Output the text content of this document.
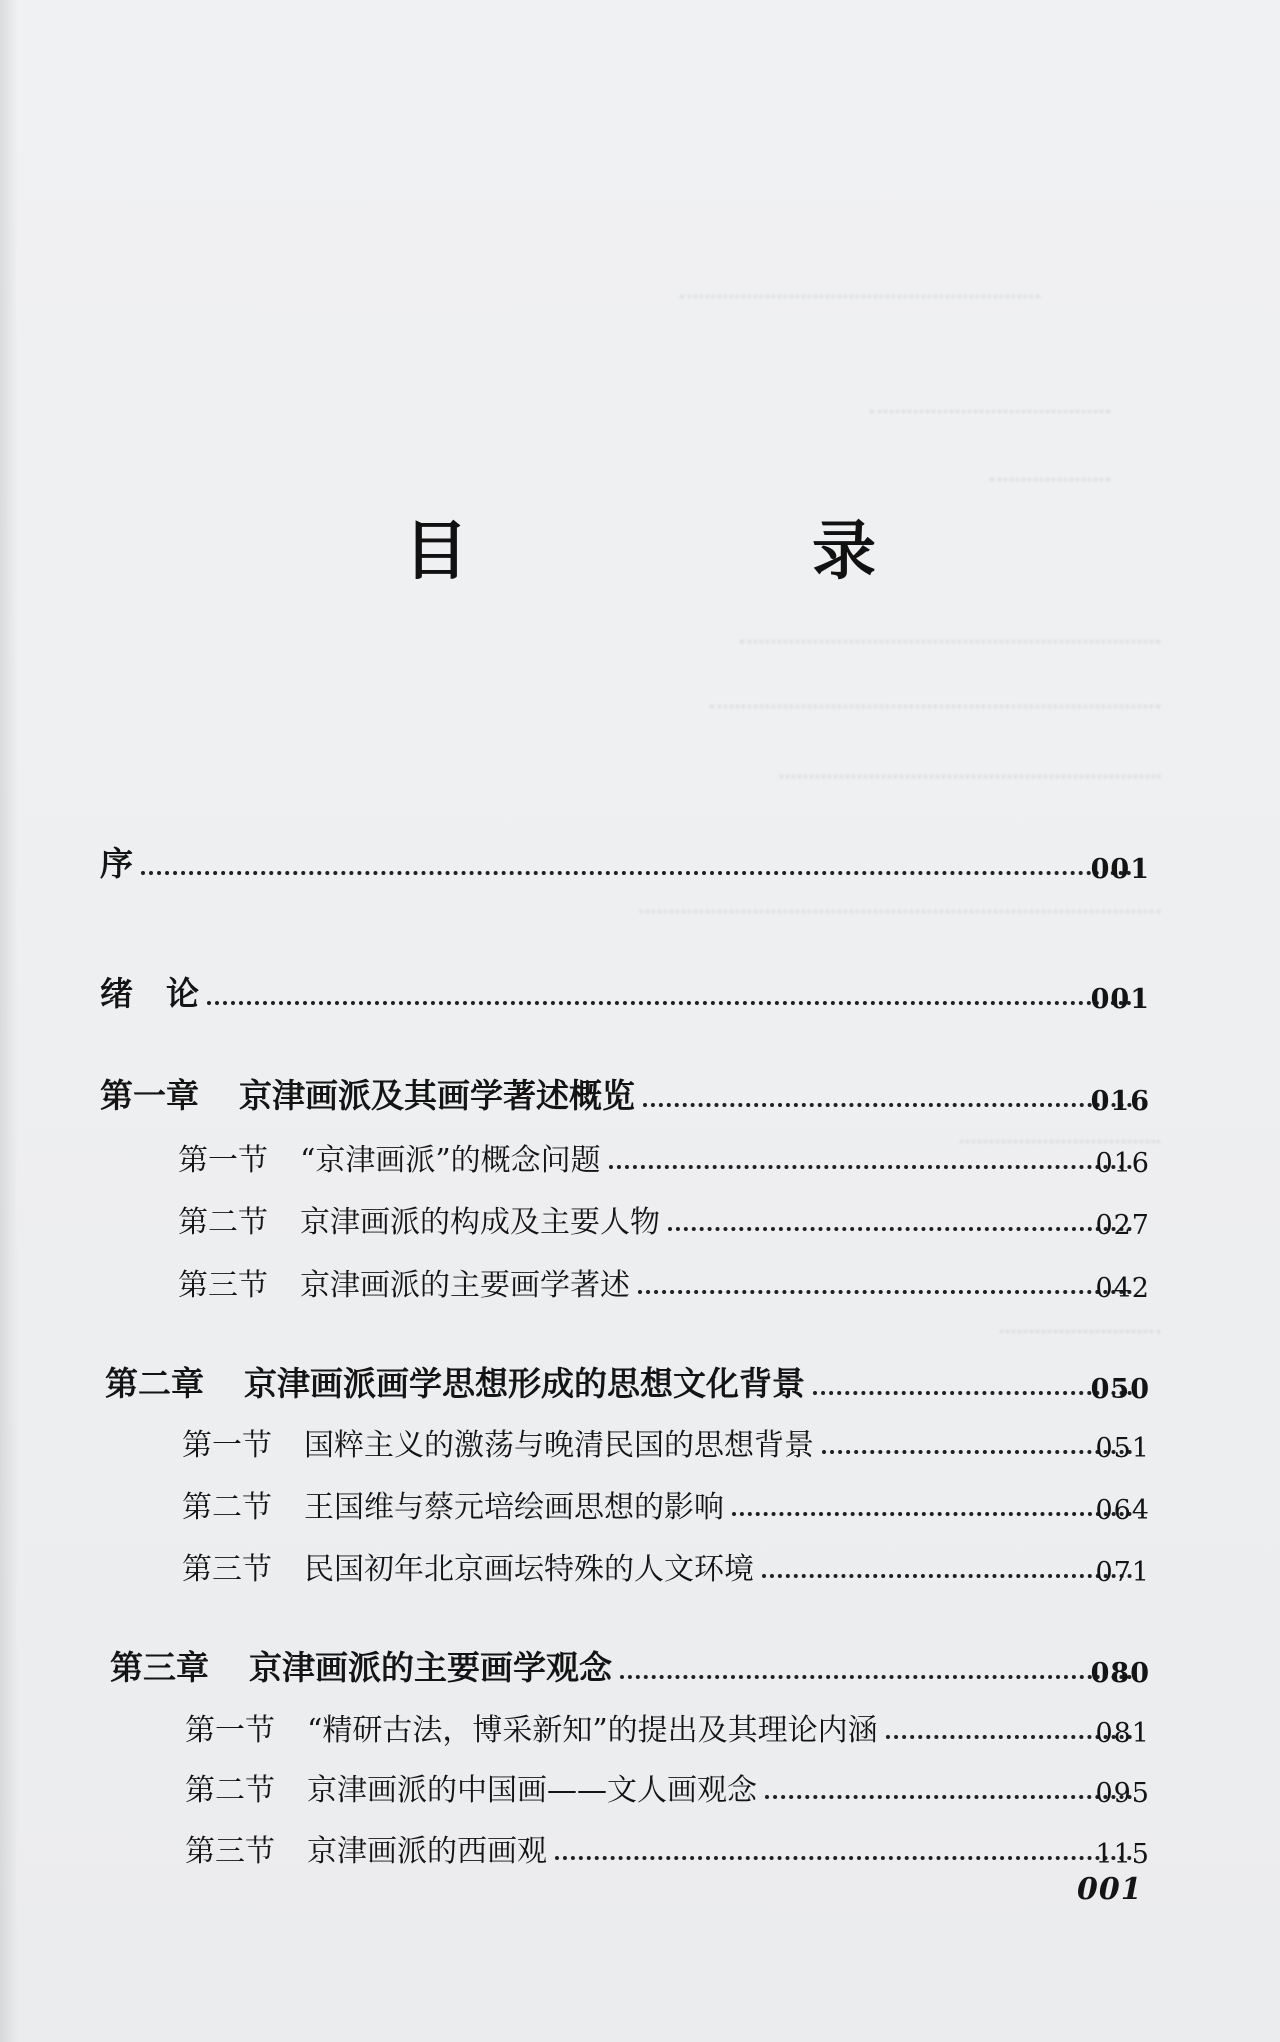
目　录
序	001
绪　论	001
第一章 京津画派及其画学著述概览	016
第一节 “京津画派”的概念问题	016
第二节 京津画派的构成及主要人物	027
第三节 京津画派的主要画学著述	042
第二章 京津画派画学思想形成的思想文化背景	050
第一节 国粹主义的激荡与晚清民国的思想背景	051
第二节 王国维与蔡元培绘画思想的影响	064
第三节 民国初年北京画坛特殊的人文环境	071
第三章 京津画派的主要画学观念	080
第一节 “精研古法，博采新知”的提出及其理论内涵	081
第二节 京津画派的中国画——文人画观念	095
第三节 京津画派的西画观	115
001
